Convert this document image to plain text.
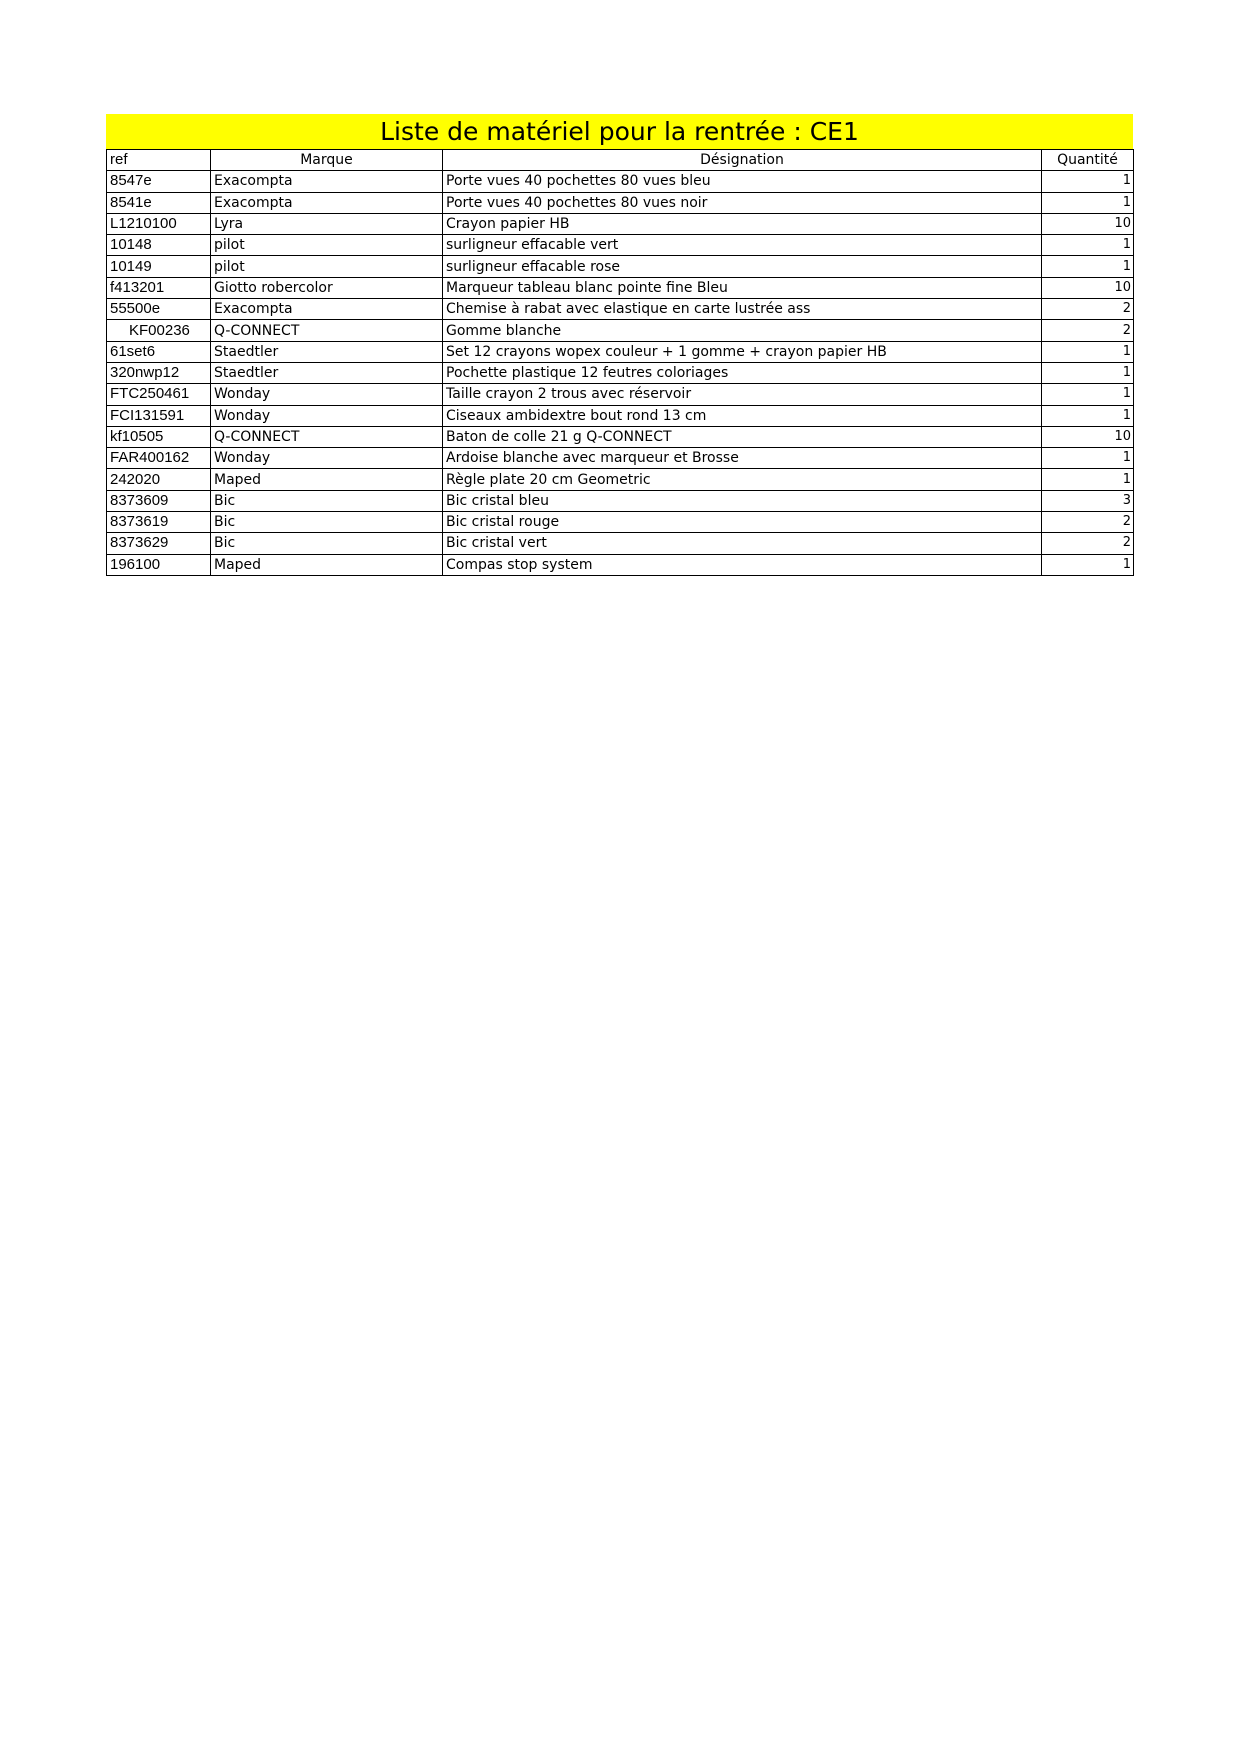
Liste de matériel pour la rentrée : CE1
ref	Marque	Désignation	Quantité
8547e	Exacompta	Porte vues 40 pochettes 80 vues bleu	1
8541e	Exacompta	Porte vues 40 pochettes 80 vues noir	1
L1210100	Lyra	Crayon papier HB	10
10148	pilot	surligneur effacable vert	1
10149	pilot	surligneur effacable rose	1
f413201	Giotto robercolor	Marqueur tableau blanc pointe fine Bleu	10
55500e	Exacompta	Chemise à rabat avec elastique en carte lustrée ass	2
KF00236	Q-CONNECT	Gomme blanche	2
61set6	Staedtler	Set 12 crayons wopex couleur + 1 gomme + crayon papier HB	1
320nwp12	Staedtler	Pochette plastique 12 feutres coloriages	1
FTC250461	Wonday	Taille crayon 2 trous avec réservoir	1
FCI131591	Wonday	Ciseaux ambidextre bout rond 13 cm	1
kf10505	Q-CONNECT	Baton de colle 21 g Q-CONNECT	10
FAR400162	Wonday	Ardoise blanche avec marqueur et Brosse	1
242020	Maped	Règle plate 20 cm Geometric	1
8373609	Bic	Bic cristal bleu	3
8373619	Bic	Bic cristal rouge	2
8373629	Bic	Bic cristal vert	2
196100	Maped	Compas stop system	1
